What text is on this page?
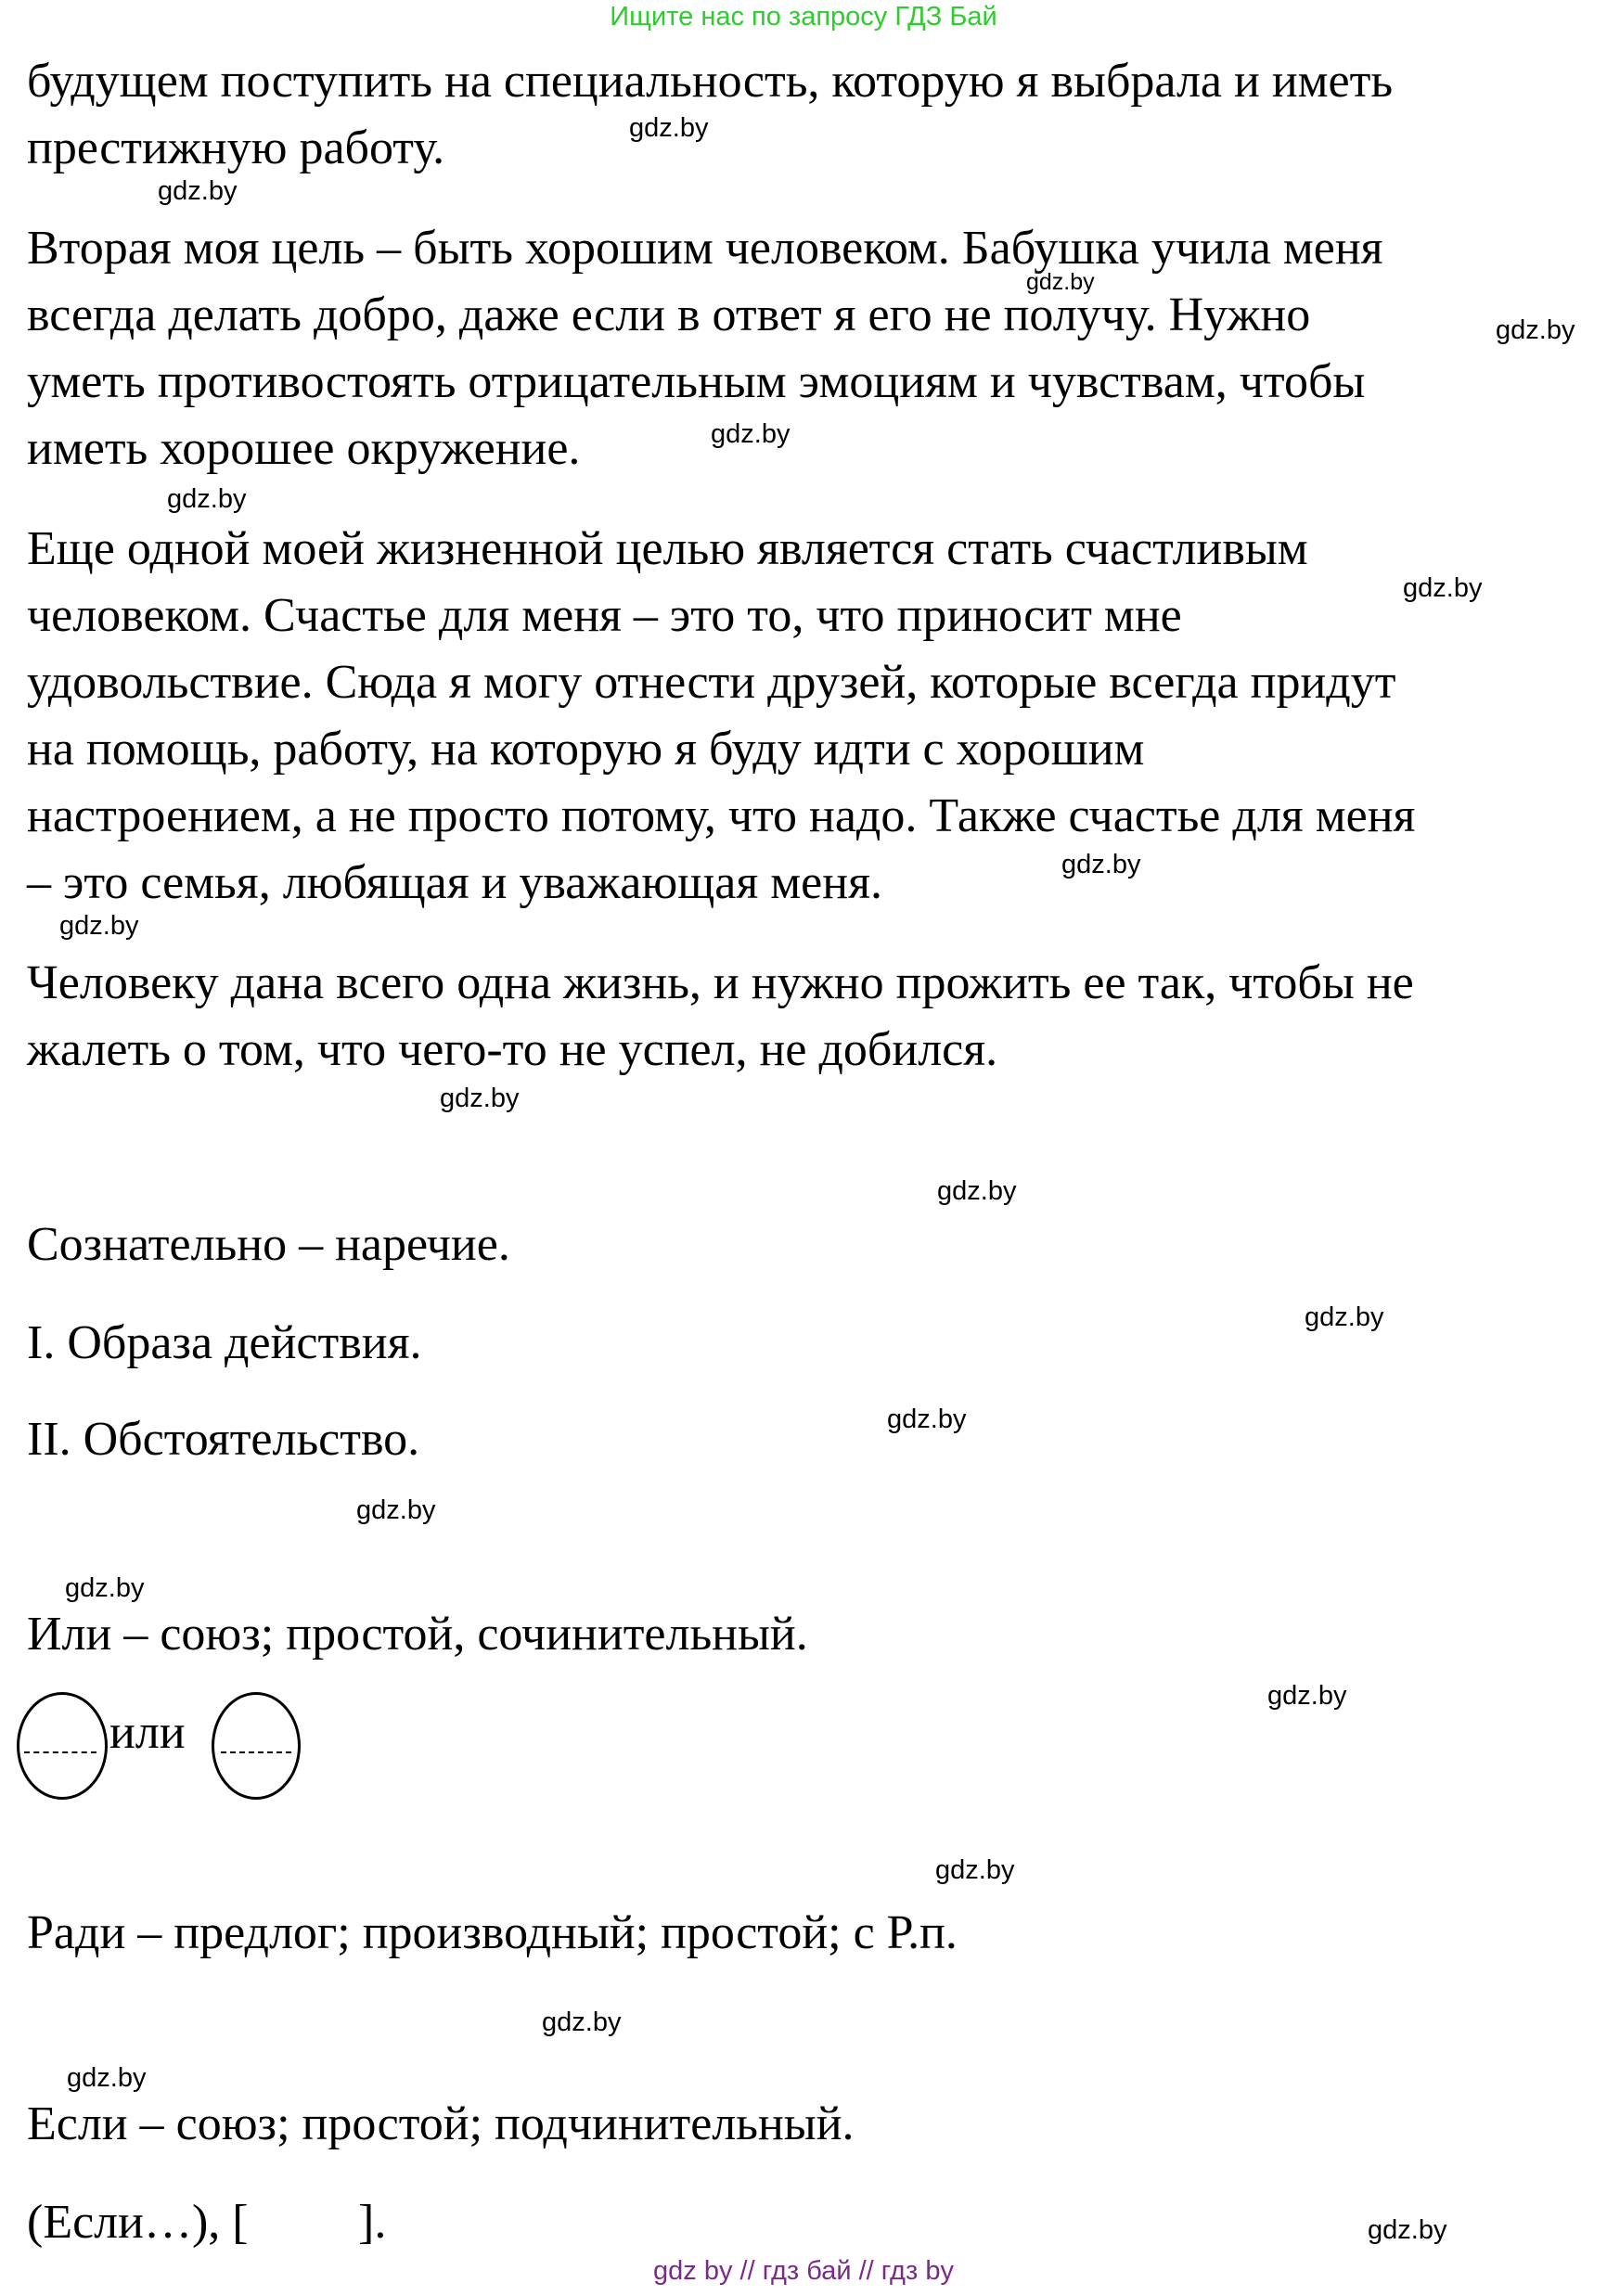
Ищите нас по запросу ГДЗ Бай
будущем поступить на специальность, которую я выбрала и иметь
престижную работу.
Вторая моя цель – быть хорошим человеком. Бабушка учила меня
всегда делать добро, даже если в ответ я его не получу. Нужно
уметь противостоять отрицательным эмоциям и чувствам, чтобы
иметь хорошее окружение.
Еще одной моей жизненной целью является стать счастливым
человеком. Счастье для меня – это то, что приносит мне
удовольствие. Сюда я могу отнести друзей, которые всегда придут
на помощь, работу, на которую я буду идти с хорошим
настроением, а не просто потому, что надо. Также счастье для меня
– это семья, любящая и уважающая меня.
Человеку дана всего одна жизнь, и нужно прожить ее так, чтобы не
жалеть о том, что чего-то не успел, не добился.
Сознательно – наречие.
I. Образа действия.
II. Обстоятельство.
Или – союз; простой, сочинительный.
или
Ради – предлог; производный; простой; с Р.п.
Если – союз; простой; подчинительный.
(Если…), [ ].
gdz.by
gdz.by
gdz.by
gdz.by
gdz.by
gdz.by
gdz.by
gdz.by
gdz.by
gdz.by
gdz.by
gdz.by
gdz.by
gdz.by
gdz.by
gdz.by
gdz.by
gdz.by
gdz.by
gdz.by
gdz by // гдз бай // гдз by
